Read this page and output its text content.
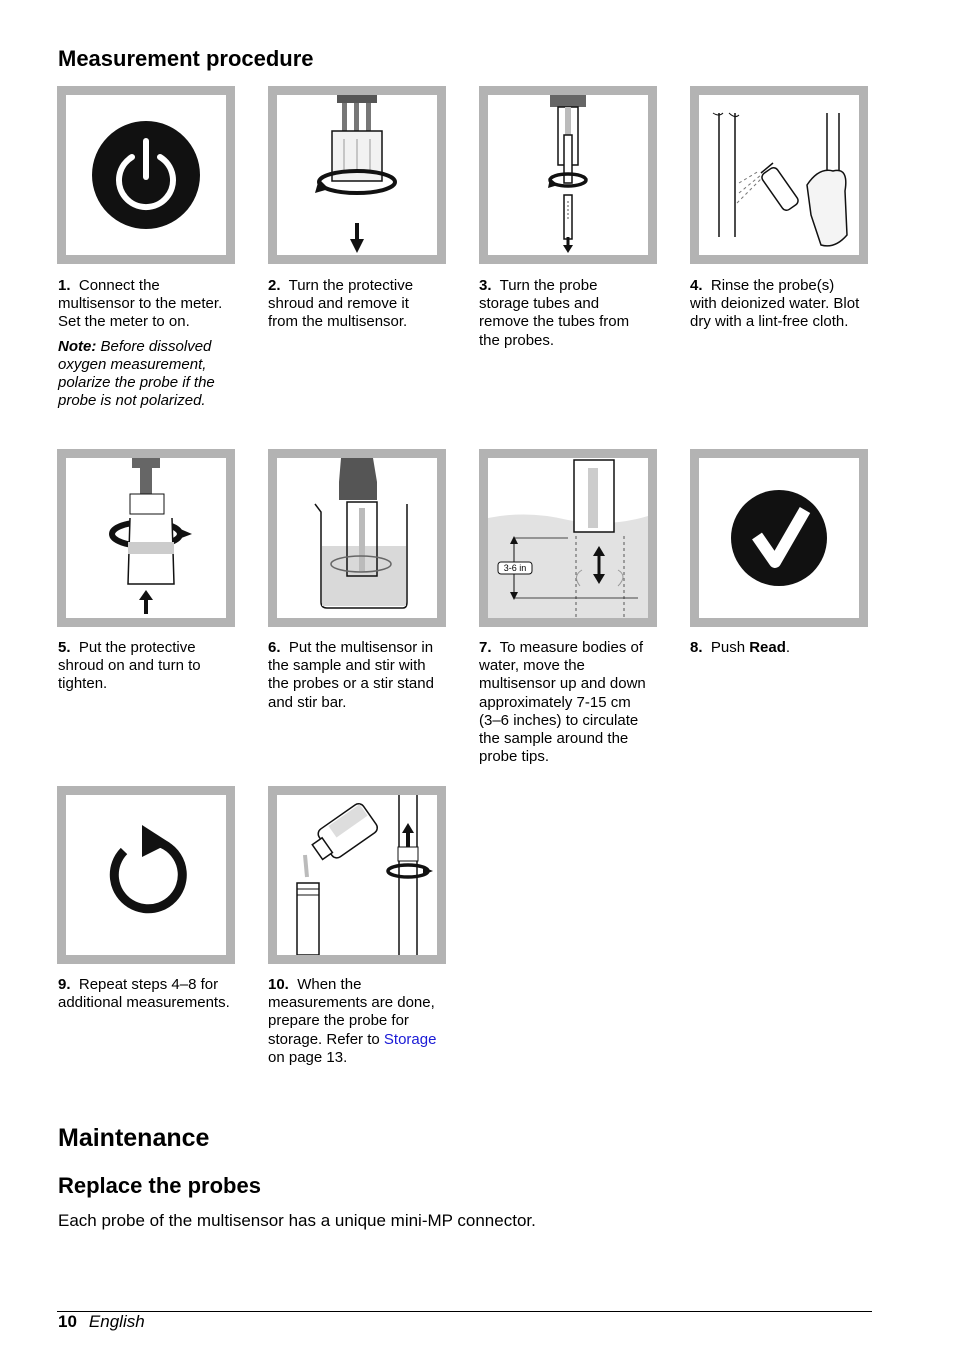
Measurement procedure
1. Connect the multisensor to the meter. Set the meter to on.
Note: Before dissolved oxygen measurement, polarize the probe if the probe is not polarized.
2. Turn the protective shroud and remove it from the multisensor.
3. Turn the probe storage tubes and remove the tubes from the probes.
4. Rinse the probe(s) with deionized water. Blot dry with a lint-free cloth.
3-6 in
5. Put the protective shroud on and turn to tighten.
6. Put the multisensor in the sample and stir with the probes or a stir stand and stir bar.
7. To measure bodies of water, move the multisensor up and down approximately 7-15 cm (3–6 inches) to circulate the sample around the probe tips.
8. Push Read.
9. Repeat steps 4–8 for additional measurements.
10. When the measurements are done, prepare the probe for storage. Refer to Storage
on page 13.
Maintenance
Replace the probes

Each probe of the multisensor has a unique mini-MP connector.

10 English
